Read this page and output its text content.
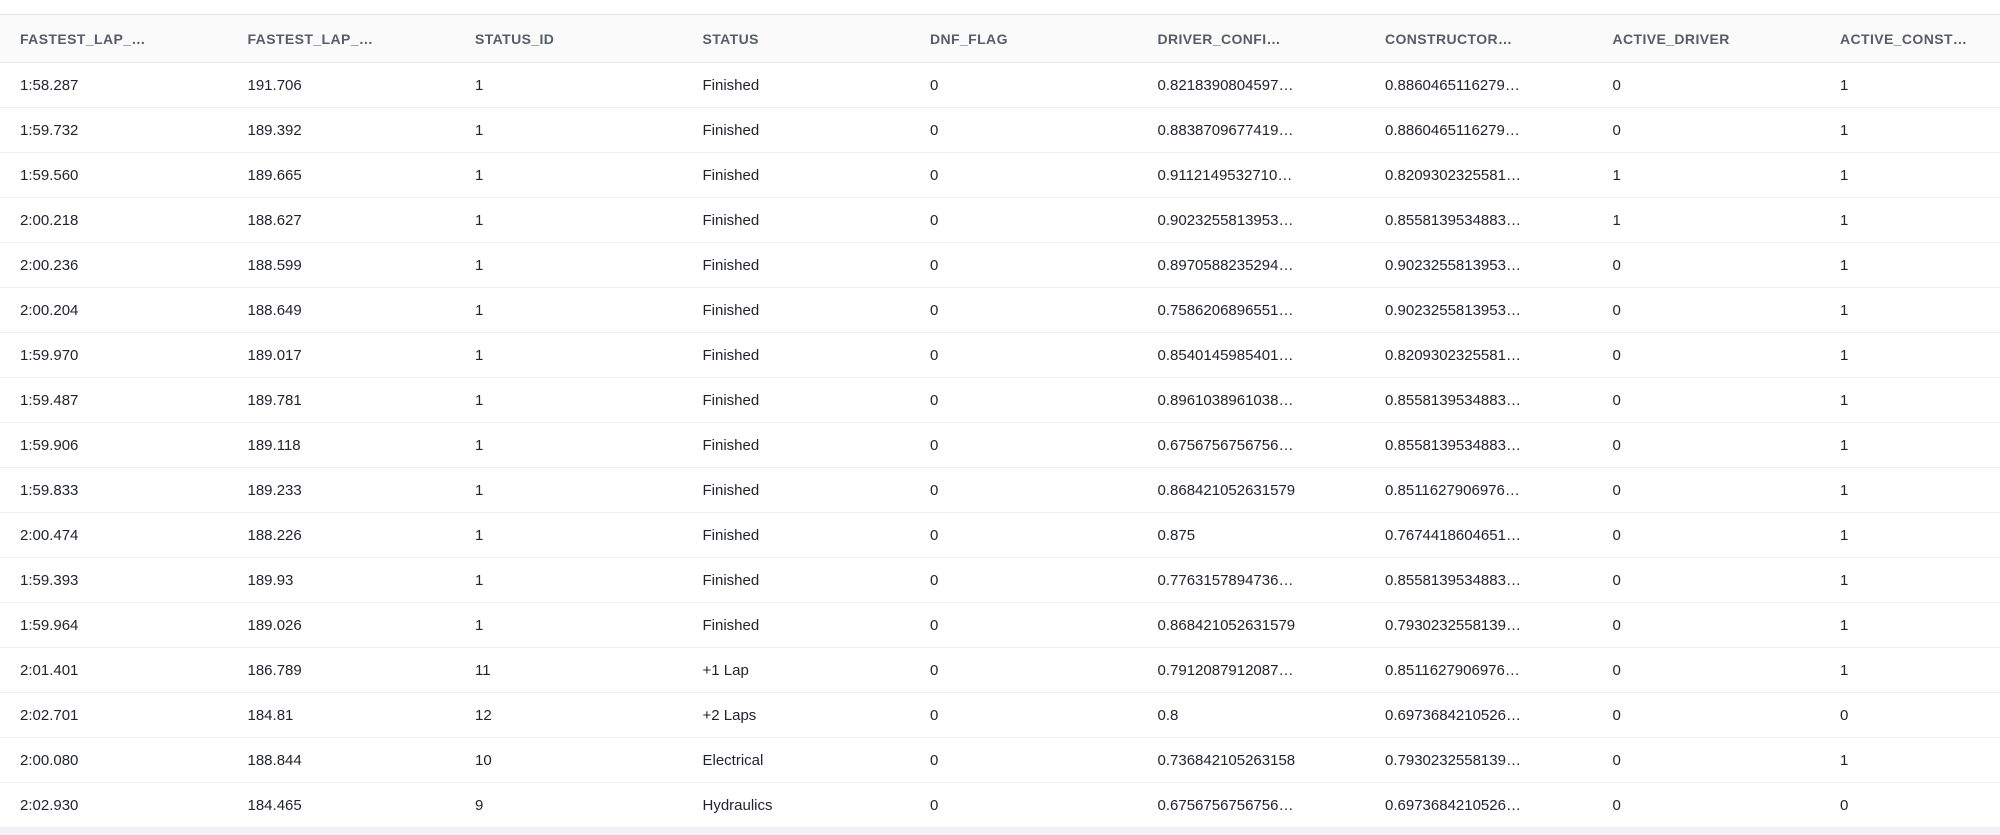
FASTEST_LAP_…	FASTEST_LAP_…	STATUS_ID	STATUS	DNF_FLAG	DRIVER_CONFI…	CONSTRUCTOR…	ACTIVE_DRIVER	ACTIVE_CONST…
1:58.287	191.706	1	Finished	0	0.8218390804597…	0.8860465116279…	0	1
1:59.732	189.392	1	Finished	0	0.8838709677419…	0.8860465116279…	0	1
1:59.560	189.665	1	Finished	0	0.9112149532710…	0.8209302325581…	1	1
2:00.218	188.627	1	Finished	0	0.9023255813953…	0.8558139534883…	1	1
2:00.236	188.599	1	Finished	0	0.8970588235294…	0.9023255813953…	0	1
2:00.204	188.649	1	Finished	0	0.7586206896551…	0.9023255813953…	0	1
1:59.970	189.017	1	Finished	0	0.8540145985401…	0.8209302325581…	0	1
1:59.487	189.781	1	Finished	0	0.8961038961038…	0.8558139534883…	0	1
1:59.906	189.118	1	Finished	0	0.6756756756756…	0.8558139534883…	0	1
1:59.833	189.233	1	Finished	0	0.868421052631579	0.8511627906976…	0	1
2:00.474	188.226	1	Finished	0	0.875	0.7674418604651…	0	1
1:59.393	189.93	1	Finished	0	0.7763157894736…	0.8558139534883…	0	1
1:59.964	189.026	1	Finished	0	0.868421052631579	0.7930232558139…	0	1
2:01.401	186.789	11	+1 Lap	0	0.7912087912087…	0.8511627906976…	0	1
2:02.701	184.81	12	+2 Laps	0	0.8	0.6973684210526…	0	0
2:00.080	188.844	10	Electrical	0	0.736842105263158	0.7930232558139…	0	1
2:02.930	184.465	9	Hydraulics	0	0.6756756756756…	0.6973684210526…	0	0
